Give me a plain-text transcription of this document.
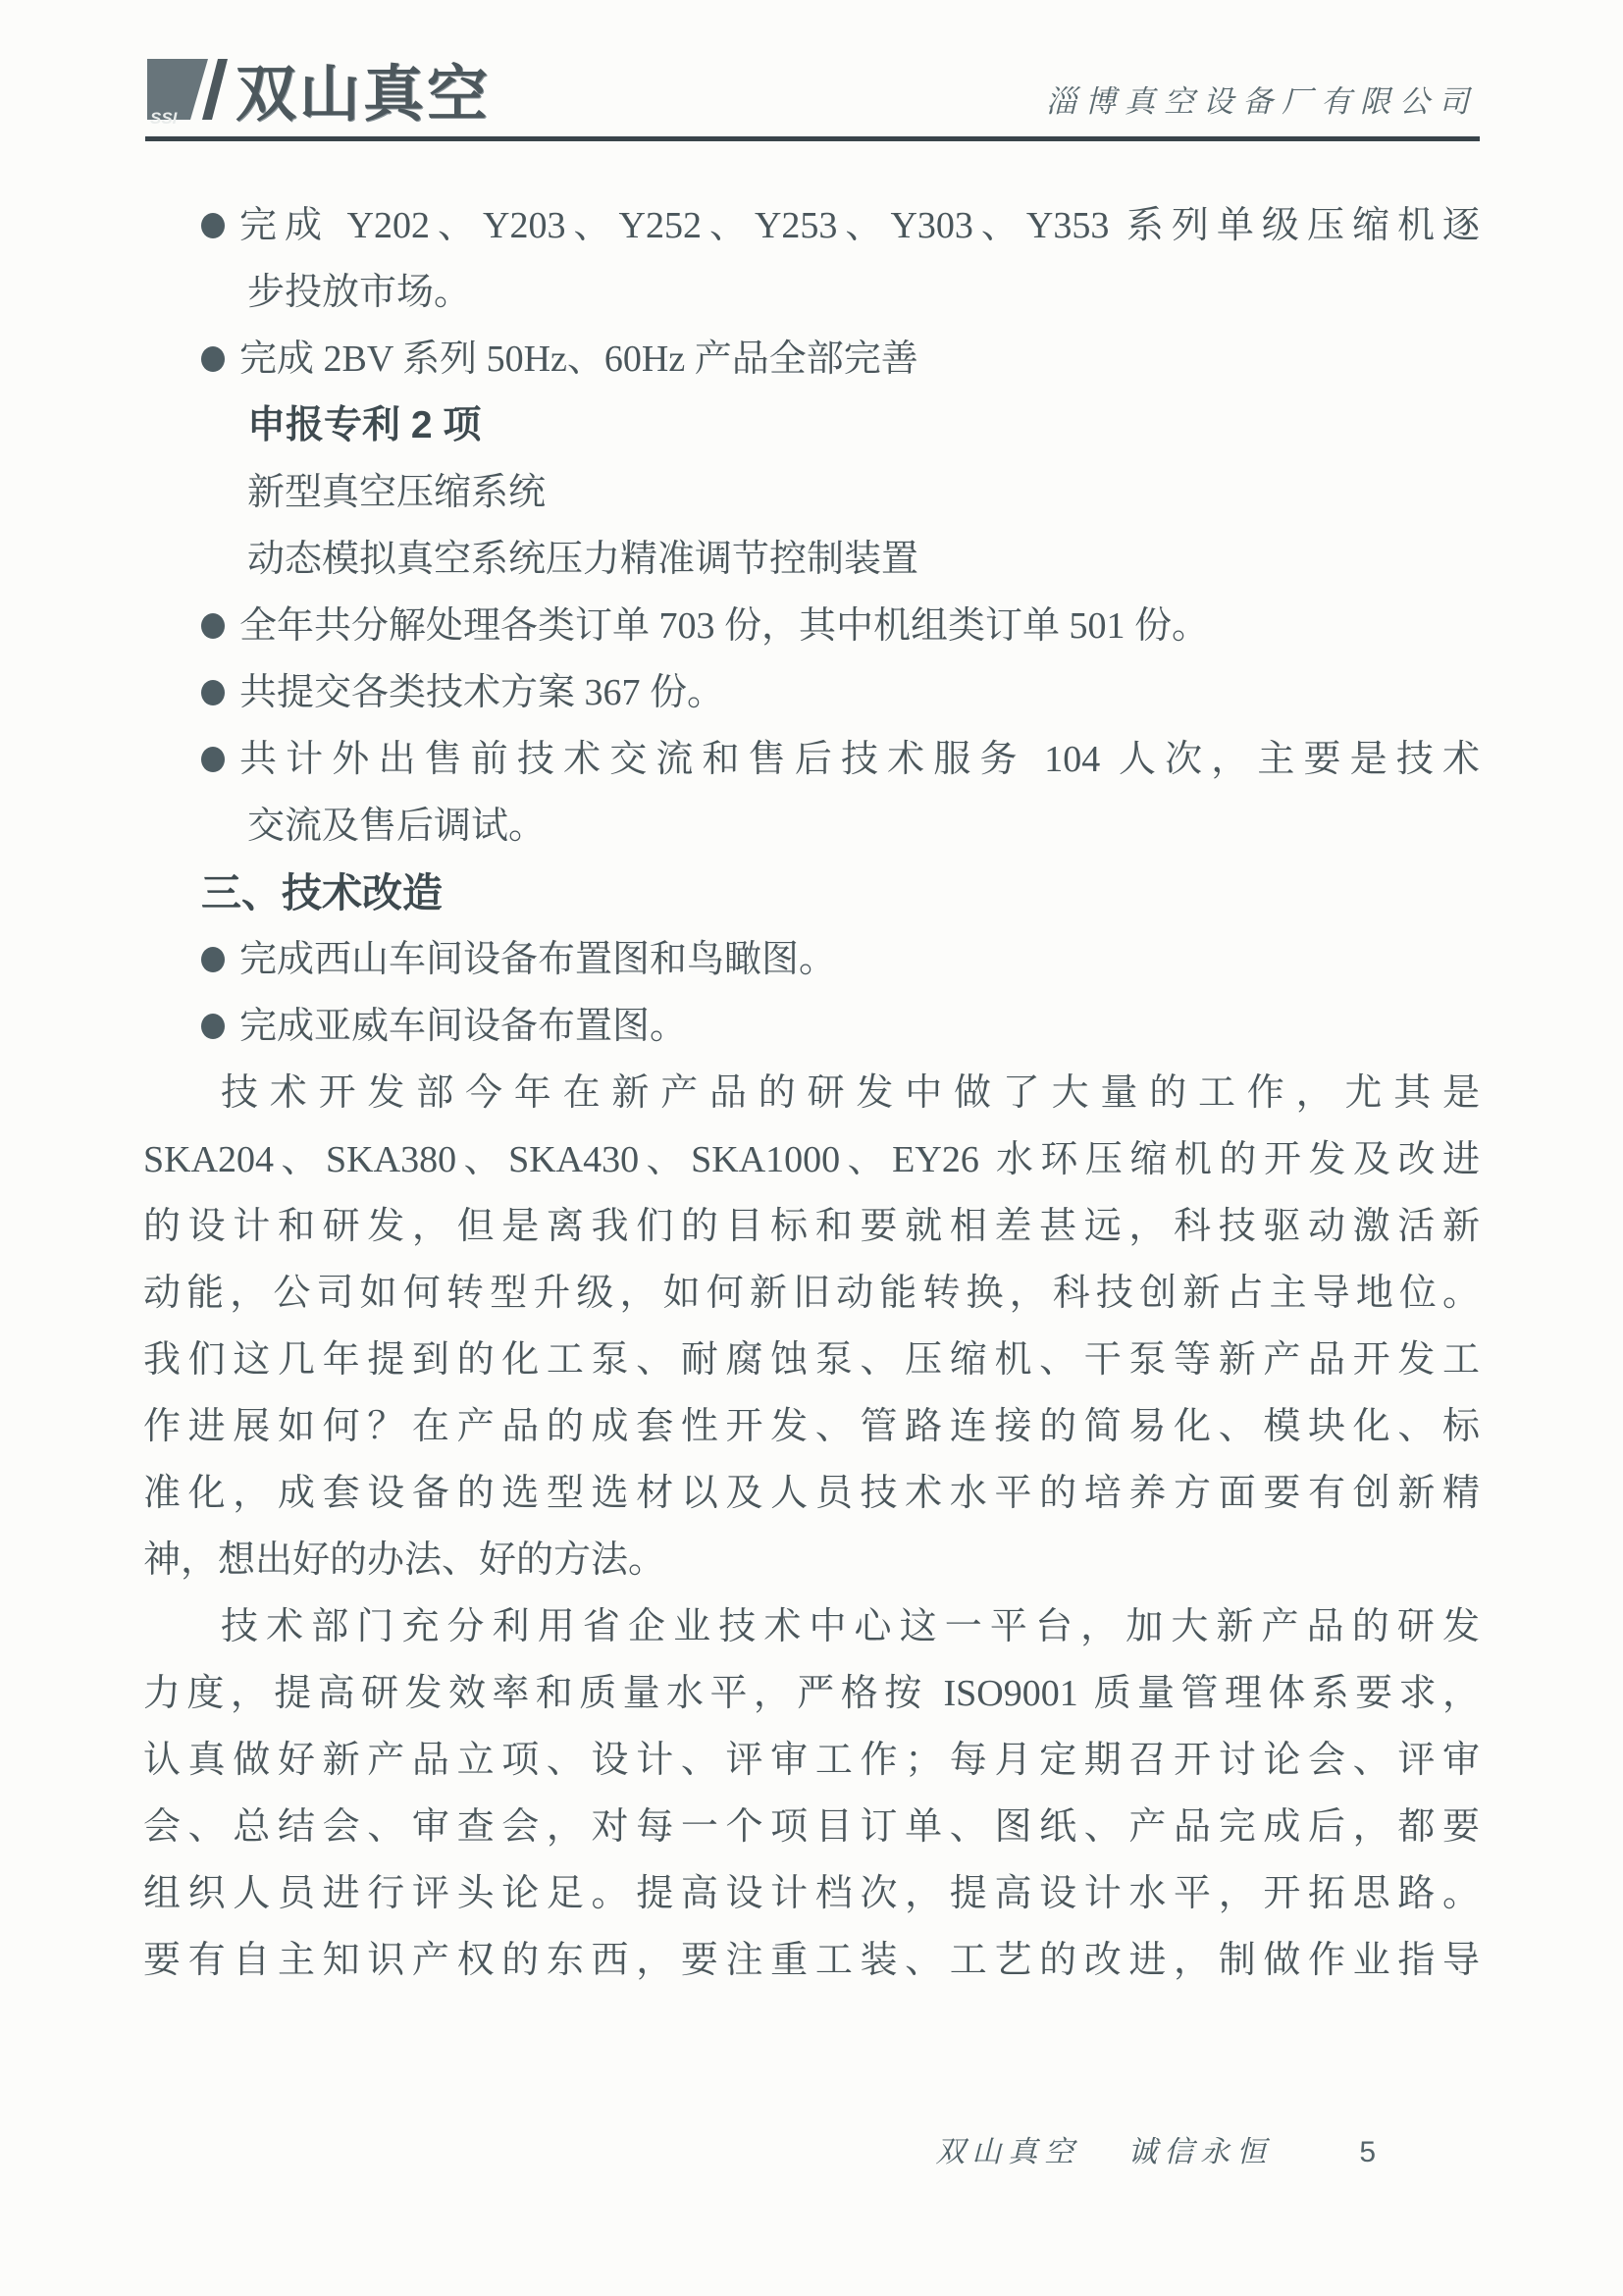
SSI 双山真空	淄博真空设备厂有限公司
完成 Y202、Y203、Y252、Y253、Y303、Y353 系列单级压缩机逐
步投放市场。
完成 2BV 系列 50Hz、60Hz 产品全部完善
申报专利 2 项
新型真空压缩系统
动态模拟真空系统压力精准调节控制装置
全年共分解处理各类订单 703 份，其中机组类订单 501 份。
共提交各类技术方案 367 份。
共计外出售前技术交流和售后技术服务 104 人次，主要是技术
交流及售后调试。
三、技术改造
完成西山车间设备布置图和鸟瞰图。
完成亚威车间设备布置图。
技术开发部今年在新产品的研发中做了大量的工作，尤其是
SKA204、SKA380、SKA430、SKA1000、EY26 水环压缩机的开发及改进
的设计和研发，但是离我们的目标和要就相差甚远，科技驱动激活新
动能，公司如何转型升级，如何新旧动能转换，科技创新占主导地位。
我们这几年提到的化工泵、耐腐蚀泵、压缩机、干泵等新产品开发工
作进展如何？在产品的成套性开发、管路连接的简易化、模块化、标
准化，成套设备的选型选材以及人员技术水平的培养方面要有创新精
神，想出好的办法、好的方法。
技术部门充分利用省企业技术中心这一平台，加大新产品的研发
力度，提高研发效率和质量水平，严格按 ISO9001 质量管理体系要求，
认真做好新产品立项、设计、评审工作；每月定期召开讨论会、评审
会、总结会、审查会，对每一个项目订单、图纸、产品完成后，都要
组织人员进行评头论足。提高设计档次，提高设计水平，开拓思路。
要有自主知识产权的东西，要注重工装、工艺的改进，制做作业指导
双山真空 诚信永恒	5
